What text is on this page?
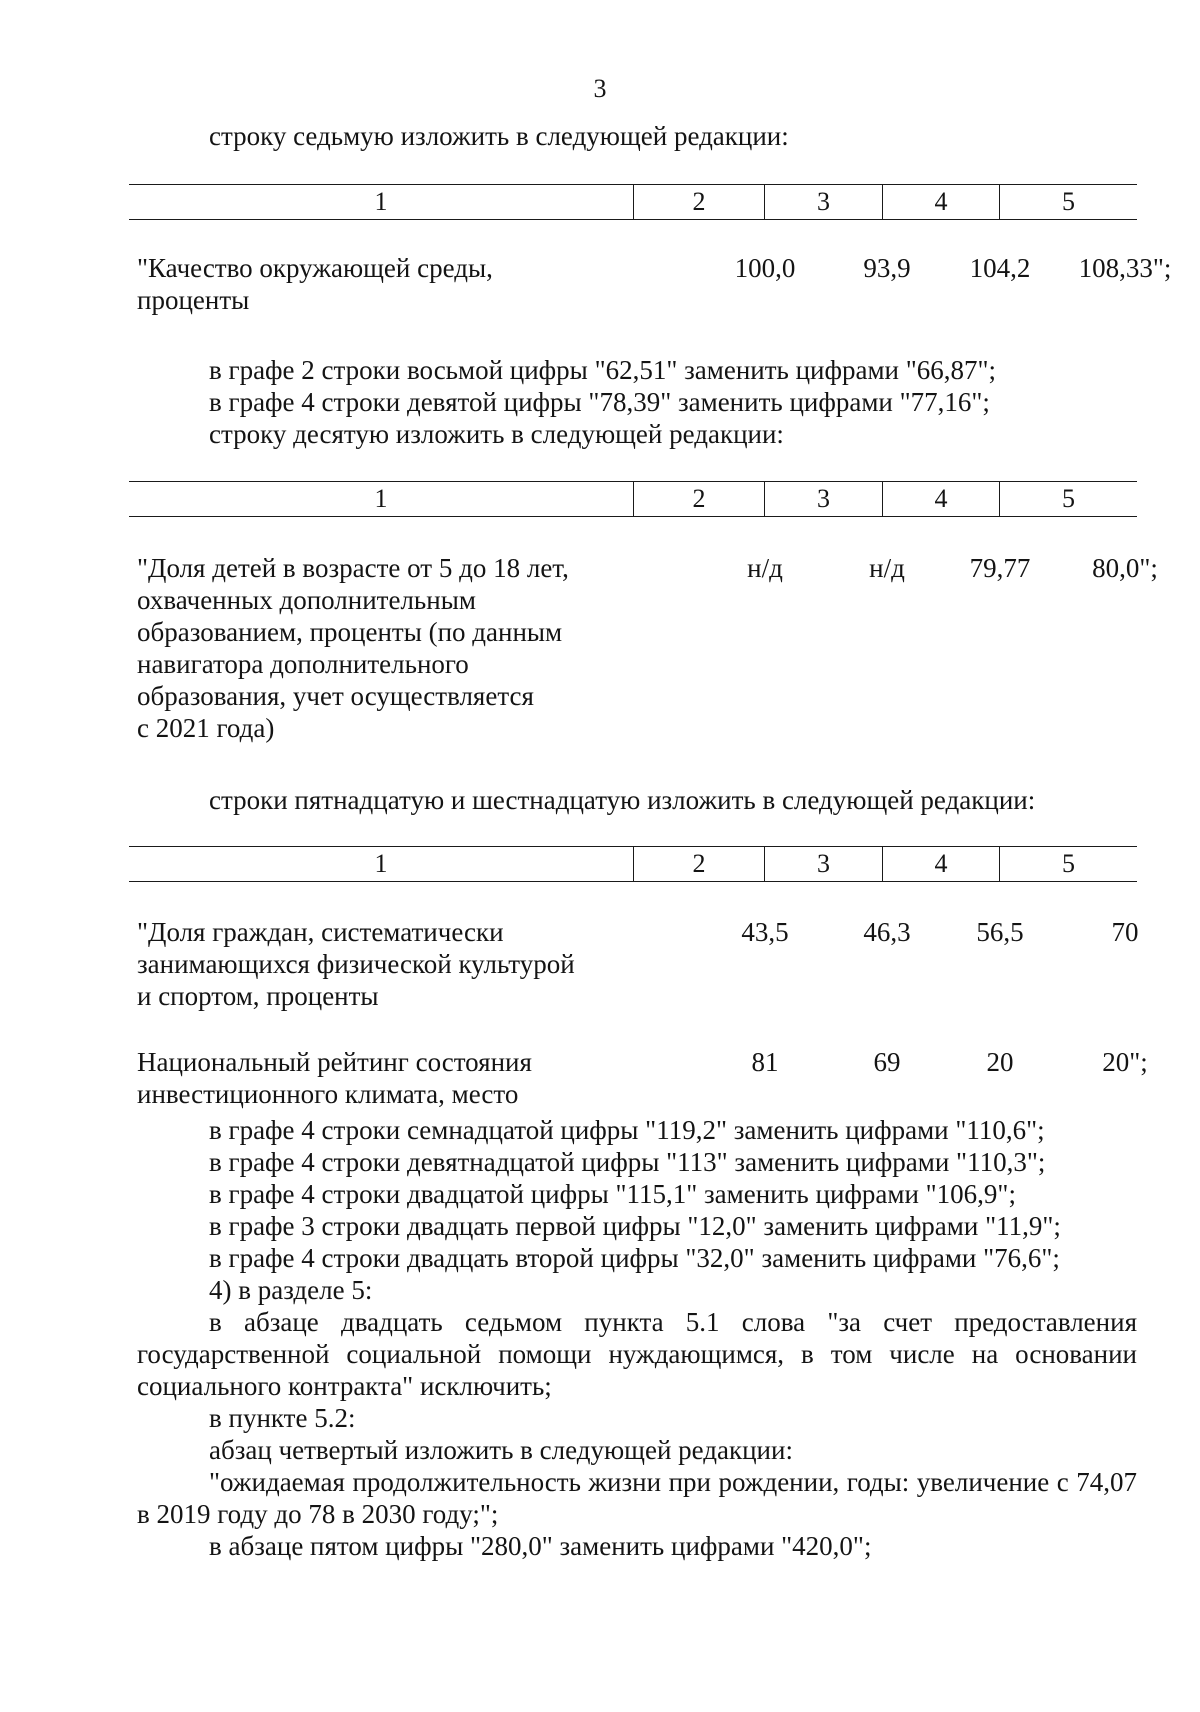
3
строку седьмую изложить в следующей редакции:
1	2	3	4	5
"Качество окружающей среды,
проценты
100,0	93,9	104,2	108,33";
в графе 2 строки восьмой цифры "62,51" заменить цифрами "66,87";
в графе 4 строки девятой цифры "78,39" заменить цифрами "77,16";
строку десятую изложить в следующей редакции:
1	2	3	4	5
"Доля детей в возрасте от 5 до 18 лет,
охваченных дополнительным
образованием, проценты (по данным
навигатора дополнительного
образования, учет осуществляется
с 2021 года)
н/д	н/д	79,77	80,0";
строки пятнадцатую и шестнадцатую изложить в следующей редакции:
1	2	3	4	5
"Доля граждан, систематически
занимающихся физической культурой
и спортом, проценты
43,5	46,3	56,5	70
Национальный рейтинг состояния
инвестиционного климата, место
81	69	20	20";
в графе 4 строки семнадцатой цифры "119,2" заменить цифрами "110,6";
в графе 4 строки девятнадцатой цифры "113" заменить цифрами "110,3";
в графе 4 строки двадцатой цифры "115,1" заменить цифрами "106,9";
в графе 3 строки двадцать первой цифры "12,0" заменить цифрами "11,9";
в графе 4 строки двадцать второй цифры "32,0" заменить цифрами "76,6";
4) в разделе 5:
в абзаце двадцать седьмом пункта 5.1 слова "за счет предоставления государственной социальной помощи нуждающимся, в том числе на основании социального контракта" исключить;
в пункте 5.2:
абзац четвертый изложить в следующей редакции:
"ожидаемая продолжительность жизни при рождении, годы: увеличение с 74,07 в 2019 году до 78 в 2030 году;";
в абзаце пятом цифры "280,0" заменить цифрами "420,0";
